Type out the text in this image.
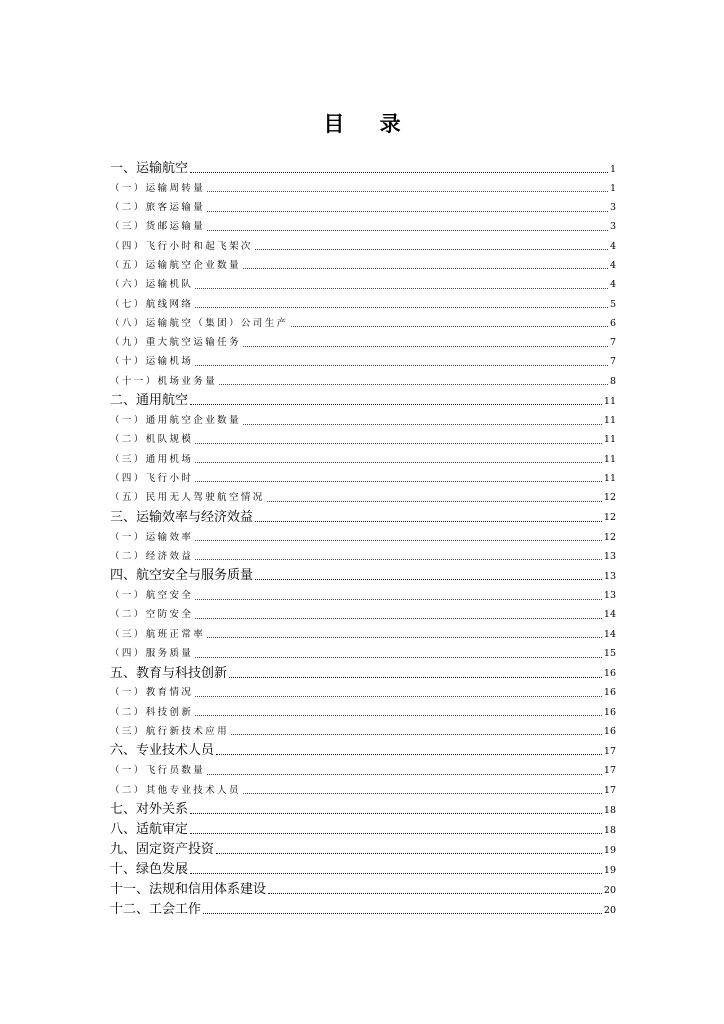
目 录
一、运输航空	1
（一）运输周转量	1
（二）旅客运输量	3
（三）货邮运输量	3
（四）飞行小时和起飞架次	4
（五）运输航空企业数量	4
（六）运输机队	4
（七）航线网络	5
（八）运输航空（集团）公司生产	6
（九）重大航空运输任务	7
（十）运输机场	7
（十一）机场业务量	8
二、通用航空	11
（一）通用航空企业数量	11
（二）机队规模	11
（三）通用机场	11
（四）飞行小时	11
（五）民用无人驾驶航空情况	12
三、运输效率与经济效益	12
（一）运输效率	12
（二）经济效益	13
四、航空安全与服务质量	13
（一）航空安全	13
（二）空防安全	14
（三）航班正常率	14
（四）服务质量	15
五、教育与科技创新	16
（一）教育情况	16
（二）科技创新	16
（三）航行新技术应用	16
六、专业技术人员	17
（一）飞行员数量	17
（二）其他专业技术人员	17
七、对外关系	18
八、适航审定	18
九、固定资产投资	19
十、绿色发展	19
十一、法规和信用体系建设	20
十二、工会工作	20
